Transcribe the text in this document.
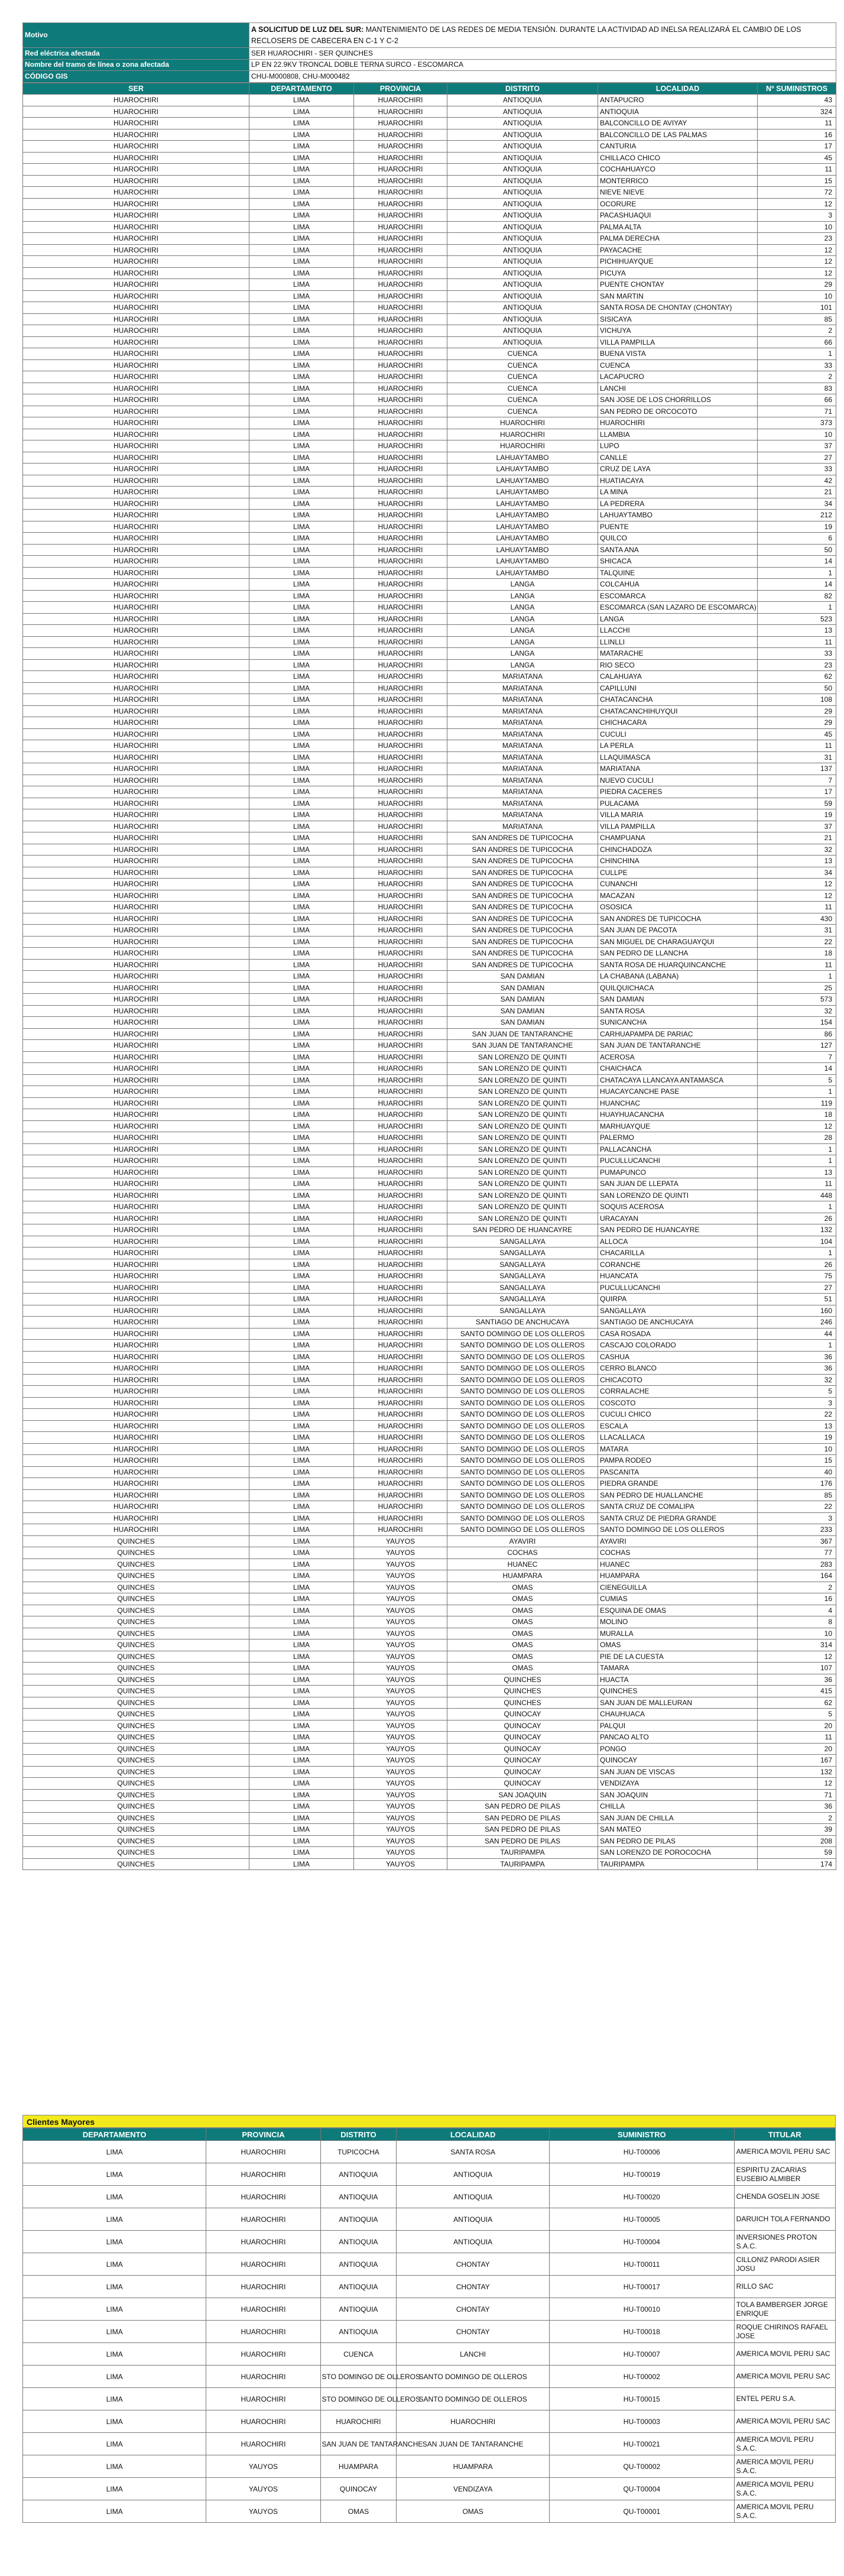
Motivo	A SOLICITUD DE LUZ DEL SUR: MANTENIMIENTO DE LAS REDES DE MEDIA TENSIÓN. DURANTE LA ACTIVIDAD AD INELSA REALIZARÁ EL CAMBIO DE LOS RECLOSERS DE CABECERA EN C-1 Y C-2
Red eléctrica afectada	SER HUAROCHIRI - SER QUINCHES
Nombre del tramo de línea o zona afectada	LP EN 22.9KV TRONCAL DOBLE TERNA SURCO - ESCOMARCA
CÓDIGO GIS	CHU-M000808, CHU-M000482
SER	DEPARTAMENTO	PROVINCIA	DISTRITO	LOCALIDAD	Nº SUMINISTROS
HUAROCHIRI	LIMA	HUAROCHIRI	ANTIOQUIA	ANTAPUCRO	43
HUAROCHIRI	LIMA	HUAROCHIRI	ANTIOQUIA	ANTIOQUIA	324
HUAROCHIRI	LIMA	HUAROCHIRI	ANTIOQUIA	BALCONCILLO DE AVIYAY	11
HUAROCHIRI	LIMA	HUAROCHIRI	ANTIOQUIA	BALCONCILLO DE LAS PALMAS	16
HUAROCHIRI	LIMA	HUAROCHIRI	ANTIOQUIA	CANTURIA	17
HUAROCHIRI	LIMA	HUAROCHIRI	ANTIOQUIA	CHILLACO CHICO	45
HUAROCHIRI	LIMA	HUAROCHIRI	ANTIOQUIA	COCHAHUAYCO	11
HUAROCHIRI	LIMA	HUAROCHIRI	ANTIOQUIA	MONTERRICO	15
HUAROCHIRI	LIMA	HUAROCHIRI	ANTIOQUIA	NIEVE NIEVE	72
HUAROCHIRI	LIMA	HUAROCHIRI	ANTIOQUIA	OCORURE	12
HUAROCHIRI	LIMA	HUAROCHIRI	ANTIOQUIA	PACASHUAQUI	3
HUAROCHIRI	LIMA	HUAROCHIRI	ANTIOQUIA	PALMA ALTA	10
HUAROCHIRI	LIMA	HUAROCHIRI	ANTIOQUIA	PALMA DERECHA	23
HUAROCHIRI	LIMA	HUAROCHIRI	ANTIOQUIA	PAYACACHE	12
HUAROCHIRI	LIMA	HUAROCHIRI	ANTIOQUIA	PICHIHUAYQUE	12
HUAROCHIRI	LIMA	HUAROCHIRI	ANTIOQUIA	PICUYA	12
HUAROCHIRI	LIMA	HUAROCHIRI	ANTIOQUIA	PUENTE CHONTAY	29
HUAROCHIRI	LIMA	HUAROCHIRI	ANTIOQUIA	SAN MARTIN	10
HUAROCHIRI	LIMA	HUAROCHIRI	ANTIOQUIA	SANTA ROSA DE CHONTAY (CHONTAY)	101
HUAROCHIRI	LIMA	HUAROCHIRI	ANTIOQUIA	SISICAYA	85
HUAROCHIRI	LIMA	HUAROCHIRI	ANTIOQUIA	VICHUYA	2
HUAROCHIRI	LIMA	HUAROCHIRI	ANTIOQUIA	VILLA PAMPILLA	66
HUAROCHIRI	LIMA	HUAROCHIRI	CUENCA	BUENA VISTA	1
HUAROCHIRI	LIMA	HUAROCHIRI	CUENCA	CUENCA	33
HUAROCHIRI	LIMA	HUAROCHIRI	CUENCA	LACAPUCRO	2
HUAROCHIRI	LIMA	HUAROCHIRI	CUENCA	LANCHI	83
HUAROCHIRI	LIMA	HUAROCHIRI	CUENCA	SAN JOSE DE LOS CHORRILLOS	66
HUAROCHIRI	LIMA	HUAROCHIRI	CUENCA	SAN PEDRO DE ORCOCOTO	71
HUAROCHIRI	LIMA	HUAROCHIRI	HUAROCHIRI	HUAROCHIRI	373
HUAROCHIRI	LIMA	HUAROCHIRI	HUAROCHIRI	LLAMBIA	10
HUAROCHIRI	LIMA	HUAROCHIRI	HUAROCHIRI	LUPO	37
HUAROCHIRI	LIMA	HUAROCHIRI	LAHUAYTAMBO	CANLLE	27
HUAROCHIRI	LIMA	HUAROCHIRI	LAHUAYTAMBO	CRUZ DE LAYA	33
HUAROCHIRI	LIMA	HUAROCHIRI	LAHUAYTAMBO	HUATIACAYA	42
HUAROCHIRI	LIMA	HUAROCHIRI	LAHUAYTAMBO	LA MINA	21
HUAROCHIRI	LIMA	HUAROCHIRI	LAHUAYTAMBO	LA PEDRERA	34
HUAROCHIRI	LIMA	HUAROCHIRI	LAHUAYTAMBO	LAHUAYTAMBO	212
HUAROCHIRI	LIMA	HUAROCHIRI	LAHUAYTAMBO	PUENTE	19
HUAROCHIRI	LIMA	HUAROCHIRI	LAHUAYTAMBO	QUILCO	6
HUAROCHIRI	LIMA	HUAROCHIRI	LAHUAYTAMBO	SANTA ANA	50
HUAROCHIRI	LIMA	HUAROCHIRI	LAHUAYTAMBO	SHICACA	14
HUAROCHIRI	LIMA	HUAROCHIRI	LAHUAYTAMBO	TALQUINE	1
HUAROCHIRI	LIMA	HUAROCHIRI	LANGA	COLCAHUA	14
HUAROCHIRI	LIMA	HUAROCHIRI	LANGA	ESCOMARCA	82
HUAROCHIRI	LIMA	HUAROCHIRI	LANGA	ESCOMARCA (SAN LAZARO DE ESCOMARCA)	1
HUAROCHIRI	LIMA	HUAROCHIRI	LANGA	LANGA	523
HUAROCHIRI	LIMA	HUAROCHIRI	LANGA	LLACCHI	13
HUAROCHIRI	LIMA	HUAROCHIRI	LANGA	LLINLLI	11
HUAROCHIRI	LIMA	HUAROCHIRI	LANGA	MATARACHE	33
HUAROCHIRI	LIMA	HUAROCHIRI	LANGA	RIO SECO	23
HUAROCHIRI	LIMA	HUAROCHIRI	MARIATANA	CALAHUAYA	62
HUAROCHIRI	LIMA	HUAROCHIRI	MARIATANA	CAPILLUNI	50
HUAROCHIRI	LIMA	HUAROCHIRI	MARIATANA	CHATACANCHA	108
HUAROCHIRI	LIMA	HUAROCHIRI	MARIATANA	CHATACANCHIHUYQUI	29
HUAROCHIRI	LIMA	HUAROCHIRI	MARIATANA	CHICHACARA	29
HUAROCHIRI	LIMA	HUAROCHIRI	MARIATANA	CUCULI	45
HUAROCHIRI	LIMA	HUAROCHIRI	MARIATANA	LA PERLA	11
HUAROCHIRI	LIMA	HUAROCHIRI	MARIATANA	LLAQUIMASCA	31
HUAROCHIRI	LIMA	HUAROCHIRI	MARIATANA	MARIATANA	137
HUAROCHIRI	LIMA	HUAROCHIRI	MARIATANA	NUEVO CUCULI	7
HUAROCHIRI	LIMA	HUAROCHIRI	MARIATANA	PIEDRA CACERES	17
HUAROCHIRI	LIMA	HUAROCHIRI	MARIATANA	PULACAMA	59
HUAROCHIRI	LIMA	HUAROCHIRI	MARIATANA	VILLA MARIA	19
HUAROCHIRI	LIMA	HUAROCHIRI	MARIATANA	VILLA PAMPILLA	37
HUAROCHIRI	LIMA	HUAROCHIRI	SAN ANDRES DE TUPICOCHA	CHAMPUANA	21
HUAROCHIRI	LIMA	HUAROCHIRI	SAN ANDRES DE TUPICOCHA	CHINCHADOZA	32
HUAROCHIRI	LIMA	HUAROCHIRI	SAN ANDRES DE TUPICOCHA	CHINCHINA	13
HUAROCHIRI	LIMA	HUAROCHIRI	SAN ANDRES DE TUPICOCHA	CULLPE	34
HUAROCHIRI	LIMA	HUAROCHIRI	SAN ANDRES DE TUPICOCHA	CUNANCHI	12
HUAROCHIRI	LIMA	HUAROCHIRI	SAN ANDRES DE TUPICOCHA	MACAZAN	12
HUAROCHIRI	LIMA	HUAROCHIRI	SAN ANDRES DE TUPICOCHA	OSOSICA	11
HUAROCHIRI	LIMA	HUAROCHIRI	SAN ANDRES DE TUPICOCHA	SAN ANDRES DE TUPICOCHA	430
HUAROCHIRI	LIMA	HUAROCHIRI	SAN ANDRES DE TUPICOCHA	SAN JUAN DE PACOTA	31
HUAROCHIRI	LIMA	HUAROCHIRI	SAN ANDRES DE TUPICOCHA	SAN MIGUEL DE CHARAGUAYQUI	22
HUAROCHIRI	LIMA	HUAROCHIRI	SAN ANDRES DE TUPICOCHA	SAN PEDRO DE LLANCHA	18
HUAROCHIRI	LIMA	HUAROCHIRI	SAN ANDRES DE TUPICOCHA	SANTA ROSA DE HUARQUINCANCHE	11
HUAROCHIRI	LIMA	HUAROCHIRI	SAN DAMIAN	LA CHABANA (LABANA)	1
HUAROCHIRI	LIMA	HUAROCHIRI	SAN DAMIAN	QUILQUICHACA	25
HUAROCHIRI	LIMA	HUAROCHIRI	SAN DAMIAN	SAN DAMIAN	573
HUAROCHIRI	LIMA	HUAROCHIRI	SAN DAMIAN	SANTA ROSA	32
HUAROCHIRI	LIMA	HUAROCHIRI	SAN DAMIAN	SUNICANCHA	154
HUAROCHIRI	LIMA	HUAROCHIRI	SAN JUAN DE TANTARANCHE	CARHUAPAMPA DE PARIAC	86
HUAROCHIRI	LIMA	HUAROCHIRI	SAN JUAN DE TANTARANCHE	SAN JUAN DE TANTARANCHE	127
HUAROCHIRI	LIMA	HUAROCHIRI	SAN LORENZO DE QUINTI	ACEROSA	7
HUAROCHIRI	LIMA	HUAROCHIRI	SAN LORENZO DE QUINTI	CHAICHACA	14
HUAROCHIRI	LIMA	HUAROCHIRI	SAN LORENZO DE QUINTI	CHATACAYA LLANCAYA ANTAMASCA	5
HUAROCHIRI	LIMA	HUAROCHIRI	SAN LORENZO DE QUINTI	HUACAYCANCHE PASE	1
HUAROCHIRI	LIMA	HUAROCHIRI	SAN LORENZO DE QUINTI	HUANCHAC	119
HUAROCHIRI	LIMA	HUAROCHIRI	SAN LORENZO DE QUINTI	HUAYHUACANCHA	18
HUAROCHIRI	LIMA	HUAROCHIRI	SAN LORENZO DE QUINTI	MARHUAYQUE	12
HUAROCHIRI	LIMA	HUAROCHIRI	SAN LORENZO DE QUINTI	PALERMO	28
HUAROCHIRI	LIMA	HUAROCHIRI	SAN LORENZO DE QUINTI	PALLACANCHA	1
HUAROCHIRI	LIMA	HUAROCHIRI	SAN LORENZO DE QUINTI	PUCULLUCANCHI	1
HUAROCHIRI	LIMA	HUAROCHIRI	SAN LORENZO DE QUINTI	PUMAPUNCO	13
HUAROCHIRI	LIMA	HUAROCHIRI	SAN LORENZO DE QUINTI	SAN JUAN DE LLEPATA	11
HUAROCHIRI	LIMA	HUAROCHIRI	SAN LORENZO DE QUINTI	SAN LORENZO DE QUINTI	448
HUAROCHIRI	LIMA	HUAROCHIRI	SAN LORENZO DE QUINTI	SOQUIS ACEROSA	1
HUAROCHIRI	LIMA	HUAROCHIRI	SAN LORENZO DE QUINTI	URACAYAN	26
HUAROCHIRI	LIMA	HUAROCHIRI	SAN PEDRO DE HUANCAYRE	SAN PEDRO DE HUANCAYRE	132
HUAROCHIRI	LIMA	HUAROCHIRI	SANGALLAYA	ALLOCA	104
HUAROCHIRI	LIMA	HUAROCHIRI	SANGALLAYA	CHACARILLA	1
HUAROCHIRI	LIMA	HUAROCHIRI	SANGALLAYA	CORANCHE	26
HUAROCHIRI	LIMA	HUAROCHIRI	SANGALLAYA	HUANCATA	75
HUAROCHIRI	LIMA	HUAROCHIRI	SANGALLAYA	PUCULLUCANCHI	27
HUAROCHIRI	LIMA	HUAROCHIRI	SANGALLAYA	QUIRPA	51
HUAROCHIRI	LIMA	HUAROCHIRI	SANGALLAYA	SANGALLAYA	160
HUAROCHIRI	LIMA	HUAROCHIRI	SANTIAGO DE ANCHUCAYA	SANTIAGO DE ANCHUCAYA	246
HUAROCHIRI	LIMA	HUAROCHIRI	SANTO DOMINGO DE LOS OLLEROS	CASA ROSADA	44
HUAROCHIRI	LIMA	HUAROCHIRI	SANTO DOMINGO DE LOS OLLEROS	CASCAJO COLORADO	1
HUAROCHIRI	LIMA	HUAROCHIRI	SANTO DOMINGO DE LOS OLLEROS	CASHUA	36
HUAROCHIRI	LIMA	HUAROCHIRI	SANTO DOMINGO DE LOS OLLEROS	CERRO BLANCO	36
HUAROCHIRI	LIMA	HUAROCHIRI	SANTO DOMINGO DE LOS OLLEROS	CHICACOTO	32
HUAROCHIRI	LIMA	HUAROCHIRI	SANTO DOMINGO DE LOS OLLEROS	CORRALACHE	5
HUAROCHIRI	LIMA	HUAROCHIRI	SANTO DOMINGO DE LOS OLLEROS	COSCOTO	3
HUAROCHIRI	LIMA	HUAROCHIRI	SANTO DOMINGO DE LOS OLLEROS	CUCULI CHICO	22
HUAROCHIRI	LIMA	HUAROCHIRI	SANTO DOMINGO DE LOS OLLEROS	ESCALA	13
HUAROCHIRI	LIMA	HUAROCHIRI	SANTO DOMINGO DE LOS OLLEROS	LLACALLACA	19
HUAROCHIRI	LIMA	HUAROCHIRI	SANTO DOMINGO DE LOS OLLEROS	MATARA	10
HUAROCHIRI	LIMA	HUAROCHIRI	SANTO DOMINGO DE LOS OLLEROS	PAMPA RODEO	15
HUAROCHIRI	LIMA	HUAROCHIRI	SANTO DOMINGO DE LOS OLLEROS	PASCANITA	40
HUAROCHIRI	LIMA	HUAROCHIRI	SANTO DOMINGO DE LOS OLLEROS	PIEDRA GRANDE	176
HUAROCHIRI	LIMA	HUAROCHIRI	SANTO DOMINGO DE LOS OLLEROS	SAN PEDRO DE HUALLANCHE	85
HUAROCHIRI	LIMA	HUAROCHIRI	SANTO DOMINGO DE LOS OLLEROS	SANTA CRUZ DE COMALIPA	22
HUAROCHIRI	LIMA	HUAROCHIRI	SANTO DOMINGO DE LOS OLLEROS	SANTA CRUZ DE PIEDRA GRANDE	3
HUAROCHIRI	LIMA	HUAROCHIRI	SANTO DOMINGO DE LOS OLLEROS	SANTO DOMINGO DE LOS OLLEROS	233
QUINCHES	LIMA	YAUYOS	AYAVIRI	AYAVIRI	367
QUINCHES	LIMA	YAUYOS	COCHAS	COCHAS	77
QUINCHES	LIMA	YAUYOS	HUANEC	HUANEC	283
QUINCHES	LIMA	YAUYOS	HUAMPARA	HUAMPARA	164
QUINCHES	LIMA	YAUYOS	OMAS	CIENEGUILLA	2
QUINCHES	LIMA	YAUYOS	OMAS	CUMIAS	16
QUINCHES	LIMA	YAUYOS	OMAS	ESQUINA DE OMAS	4
QUINCHES	LIMA	YAUYOS	OMAS	MOLINO	8
QUINCHES	LIMA	YAUYOS	OMAS	MURALLA	10
QUINCHES	LIMA	YAUYOS	OMAS	OMAS	314
QUINCHES	LIMA	YAUYOS	OMAS	PIE DE LA CUESTA	12
QUINCHES	LIMA	YAUYOS	OMAS	TAMARA	107
QUINCHES	LIMA	YAUYOS	QUINCHES	HUACTA	36
QUINCHES	LIMA	YAUYOS	QUINCHES	QUINCHES	415
QUINCHES	LIMA	YAUYOS	QUINCHES	SAN JUAN DE MALLEURAN	62
QUINCHES	LIMA	YAUYOS	QUINOCAY	CHAUHUACA	5
QUINCHES	LIMA	YAUYOS	QUINOCAY	PALQUI	20
QUINCHES	LIMA	YAUYOS	QUINOCAY	PANCAO ALTO	11
QUINCHES	LIMA	YAUYOS	QUINOCAY	PONGO	20
QUINCHES	LIMA	YAUYOS	QUINOCAY	QUINOCAY	167
QUINCHES	LIMA	YAUYOS	QUINOCAY	SAN JUAN DE VISCAS	132
QUINCHES	LIMA	YAUYOS	QUINOCAY	VENDIZAYA	12
QUINCHES	LIMA	YAUYOS	SAN JOAQUIN	SAN JOAQUIN	71
QUINCHES	LIMA	YAUYOS	SAN PEDRO DE PILAS	CHILLA	36
QUINCHES	LIMA	YAUYOS	SAN PEDRO DE PILAS	SAN JUAN DE CHILLA	2
QUINCHES	LIMA	YAUYOS	SAN PEDRO DE PILAS	SAN MATEO	39
QUINCHES	LIMA	YAUYOS	SAN PEDRO DE PILAS	SAN PEDRO DE PILAS	208
QUINCHES	LIMA	YAUYOS	TAURIPAMPA	SAN LORENZO DE POROCOCHA	59
QUINCHES	LIMA	YAUYOS	TAURIPAMPA	TAURIPAMPA	174
Clientes Mayores
DEPARTAMENTO	PROVINCIA	DISTRITO	LOCALIDAD	SUMINISTRO	TITULAR
LIMA	HUAROCHIRI	TUPICOCHA	SANTA ROSA	HU-T00006	AMERICA MOVIL PERU SAC
LIMA	HUAROCHIRI	ANTIOQUIA	ANTIOQUIA	HU-T00019	ESPIRITU ZACARIAS EUSEBIO ALMIBER
LIMA	HUAROCHIRI	ANTIOQUIA	ANTIOQUIA	HU-T00020	CHENDA GOSELIN JOSE
LIMA	HUAROCHIRI	ANTIOQUIA	ANTIOQUIA	HU-T00005	DARUICH TOLA FERNANDO
LIMA	HUAROCHIRI	ANTIOQUIA	ANTIOQUIA	HU-T00004	INVERSIONES PROTON S.A.C.
LIMA	HUAROCHIRI	ANTIOQUIA	CHONTAY	HU-T00011	CILLONIZ PARODI ASIER JOSU
LIMA	HUAROCHIRI	ANTIOQUIA	CHONTAY	HU-T00017	RILLO SAC
LIMA	HUAROCHIRI	ANTIOQUIA	CHONTAY	HU-T00010	TOLA BAMBERGER JORGE ENRIQUE
LIMA	HUAROCHIRI	ANTIOQUIA	CHONTAY	HU-T00018	ROQUE CHIRINOS RAFAEL JOSE
LIMA	HUAROCHIRI	CUENCA	LANCHI	HU-T00007	AMERICA MOVIL PERU SAC
LIMA	HUAROCHIRI	STO DOMINGO DE OLLEROS	SANTO DOMINGO DE OLLEROS	HU-T00002	AMERICA MOVIL PERU SAC
LIMA	HUAROCHIRI	STO DOMINGO DE OLLEROS	SANTO DOMINGO DE OLLEROS	HU-T00015	ENTEL PERU S.A.
LIMA	HUAROCHIRI	HUAROCHIRI	HUAROCHIRI	HU-T00003	AMERICA MOVIL PERU SAC
LIMA	HUAROCHIRI	SAN JUAN DE TANTARANCHE	SAN JUAN DE TANTARANCHE	HU-T00021	AMERICA MOVIL PERU S.A.C.
LIMA	YAUYOS	HUAMPARA	HUAMPARA	QU-T00002	AMERICA MOVIL PERU S.A.C.
LIMA	YAUYOS	QUINOCAY	VENDIZAYA	QU-T00004	AMERICA MOVIL PERU S.A.C.
LIMA	YAUYOS	OMAS	OMAS	QU-T00001	AMERICA MOVIL PERU S.A.C.
